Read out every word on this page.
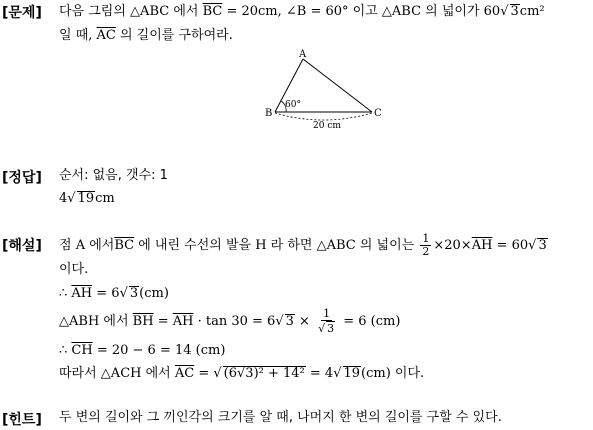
[문제] 다음 그림의 △ABC 에서 $\overline{BC} = 20cm$, ∠B = 60° 이고 △ABC 의 넓이가 60√ 3cm²
일 때, $\overline{AC}$ 의 길이를 구하여라.
A
B	C
60°
20 cm
[정답] 순서: 없음, 갯수: 1
4√ 19cm
[해설] 점 A 에서$\overline{BC}$ 에 내린 수선의 발을 H 라 하면 △ABC 의 넓이는 $\frac{1}{2} \times 20\times\overline{AH} = 60√$ 3
이다.
∴ $\overline{AH} = 6√$ 3(cm)
△ABH 에서 $\overline{BH} = \overline{AH} \cdot \tan 30 = 6√$ $3 \times \frac{1}{√ 3} = 6$ (cm)
∴ $\overline{CH} = 20 - 6 = 14$ (cm)
따라서 △ACH 에서 $\overline{AC}$ = √ (6√3)² + 14² = 4√ 19(cm) 이다.
[힌트] 두 변의 길이와 그 끼인각의 크기를 알 때, 나머지 한 변의 길이를 구할 수 있다.
